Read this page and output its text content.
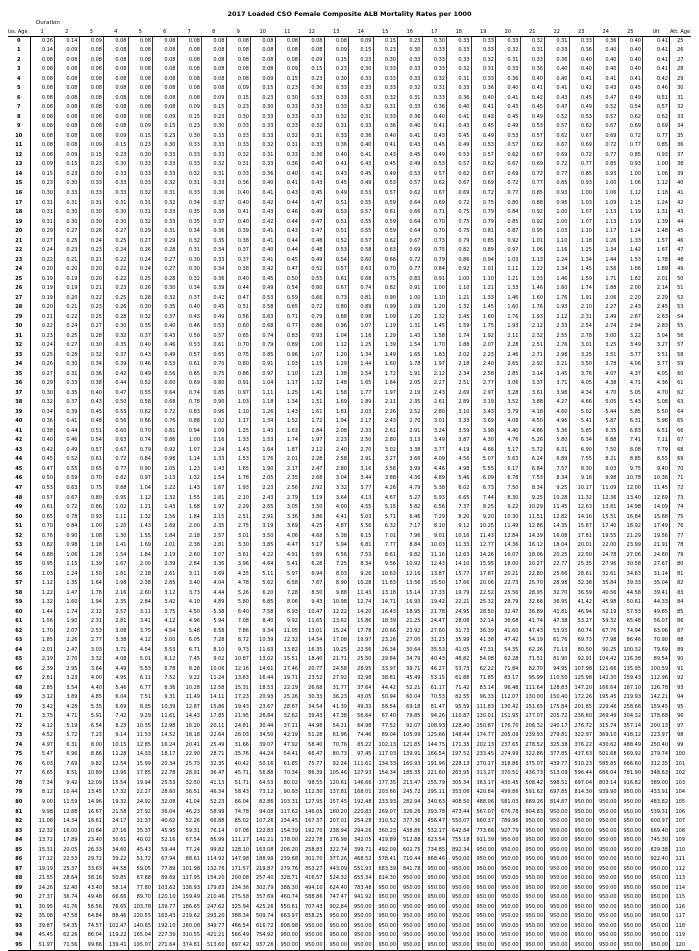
2017 Loaded CSO Female Composite ALB Mortality Rates per 1000
Duration
Iss. Age	1	2	3	4	5	6	7	8	9	10	11	12	13	14	15	16	17	18	19	20	21	22	23	24	25	Ult	Att. Age
0	0.26	0.14	0.09	0.08	0.08	0.08	0.08	0.08	0.08	0.08	0.08	0.08	0.08	0.09	0.15	0.23	0.30	0.33	0.33	0.33	0.32	0.31	0.33	0.36	0.40	0.41	25
1	0.14	0.09	0.08	0.08	0.08	0.08	0.08	0.08	0.08	0.08	0.08	0.08	0.09	0.15	0.23	0.30	0.33	0.33	0.33	0.32	0.31	0.33	0.36	0.40	0.40	0.41	26
2	0.08	0.08	0.08	0.08	0.08	0.08	0.08	0.08	0.08	0.08	0.08	0.09	0.15	0.23	0.30	0.33	0.33	0.33	0.32	0.31	0.33	0.36	0.40	0.40	0.40	0.41	27
3	0.08	0.08	0.08	0.08	0.08	0.08	0.08	0.08	0.08	0.08	0.09	0.15	0.23	0.30	0.33	0.33	0.33	0.32	0.31	0.33	0.36	0.40	0.40	0.40	0.40	0.41	28
4	0.08	0.08	0.08	0.08	0.08	0.08	0.08	0.08	0.08	0.09	0.15	0.23	0.30	0.33	0.33	0.33	0.32	0.31	0.33	0.36	0.40	0.40	0.41	0.41	0.41	0.42	29
5	0.08	0.08	0.08	0.08	0.08	0.08	0.08	0.08	0.09	0.15	0.23	0.30	0.33	0.33	0.33	0.32	0.31	0.33	0.36	0.40	0.41	0.41	0.42	0.43	0.45	0.46	30
6	0.08	0.08	0.08	0.08	0.08	0.08	0.08	0.09	0.15	0.23	0.30	0.33	0.33	0.33	0.32	0.31	0.33	0.36	0.40	0.41	0.42	0.43	0.45	0.47	0.49	0.51	31
7	0.08	0.08	0.08	0.08	0.08	0.08	0.09	0.15	0.23	0.30	0.33	0.33	0.33	0.32	0.31	0.33	0.36	0.40	0.41	0.43	0.45	0.47	0.49	0.52	0.54	0.57	32
8	0.08	0.08	0.08	0.08	0.08	0.09	0.15	0.23	0.30	0.33	0.33	0.33	0.32	0.31	0.33	0.36	0.40	0.41	0.43	0.45	0.49	0.52	0.53	0.57	0.62	0.62	33
9	0.08	0.08	0.08	0.08	0.09	0.15	0.23	0.30	0.33	0.33	0.33	0.32	0.31	0.33	0.36	0.40	0.41	0.43	0.45	0.49	0.53	0.57	0.62	0.67	0.69	0.69	34
10	0.08	0.08	0.08	0.09	0.15	0.23	0.30	0.33	0.33	0.33	0.32	0.31	0.33	0.36	0.40	0.41	0.43	0.45	0.49	0.53	0.57	0.62	0.67	0.69	0.72	0.77	35
11	0.08	0.08	0.09	0.15	0.23	0.30	0.33	0.33	0.33	0.32	0.31	0.33	0.36	0.40	0.41	0.43	0.45	0.49	0.53	0.57	0.62	0.67	0.69	0.72	0.77	0.85	36
12	0.08	0.09	0.15	0.23	0.30	0.33	0.33	0.33	0.32	0.31	0.33	0.36	0.40	0.41	0.43	0.45	0.49	0.53	0.57	0.62	0.67	0.69	0.72	0.77	0.85	0.93	37
13	0.09	0.15	0.23	0.30	0.33	0.33	0.33	0.32	0.31	0.33	0.36	0.40	0.41	0.43	0.45	0.49	0.53	0.57	0.62	0.67	0.69	0.72	0.77	0.85	0.93	1.00	38
14	0.15	0.23	0.30	0.33	0.33	0.33	0.32	0.31	0.33	0.36	0.40	0.41	0.43	0.45	0.49	0.53	0.57	0.62	0.67	0.69	0.72	0.77	0.85	0.93	1.00	1.06	39
15	0.23	0.30	0.33	0.33	0.33	0.32	0.31	0.33	0.36	0.40	0.41	0.43	0.45	0.49	0.53	0.57	0.62	0.67	0.69	0.72	0.77	0.85	0.93	1.00	1.06	1.12	40
16	0.30	0.33	0.33	0.33	0.32	0.31	0.33	0.36	0.40	0.41	0.43	0.45	0.49	0.53	0.57	0.62	0.67	0.69	0.72	0.77	0.85	0.93	1.00	1.06	1.12	1.18	41
17	0.31	0.31	0.31	0.31	0.31	0.32	0.34	0.37	0.40	0.42	0.44	0.47	0.51	0.55	0.59	0.64	0.69	0.72	0.75	0.80	0.88	0.96	1.03	1.09	1.15	1.24	42
18	0.31	0.30	0.30	0.30	0.31	0.33	0.35	0.38	0.41	0.43	0.46	0.49	0.53	0.57	0.61	0.66	0.71	0.75	0.79	0.84	0.92	1.00	1.07	1.13	1.19	1.31	43
19	0.31	0.30	0.30	0.30	0.32	0.33	0.35	0.37	0.40	0.42	0.44	0.47	0.51	0.55	0.59	0.64	0.70	0.75	0.79	0.85	0.92	1.00	1.07	1.13	1.19	1.39	44
20	0.29	0.27	0.26	0.27	0.29	0.31	0.34	0.36	0.39	0.41	0.43	0.47	0.51	0.55	0.59	0.64	0.70	0.75	0.81	0.87	0.95	1.03	1.10	1.17	1.24	1.48	45
21	0.27	0.25	0.24	0.25	0.27	0.29	0.32	0.35	0.38	0.41	0.44	0.48	0.52	0.57	0.62	0.67	0.73	0.79	0.85	0.92	1.01	1.10	1.18	1.26	1.33	1.57	46
22	0.24	0.23	0.23	0.24	0.26	0.28	0.31	0.34	0.37	0.40	0.44	0.48	0.53	0.58	0.63	0.69	0.75	0.82	0.89	0.97	1.06	1.16	1.25	1.34	1.42	1.67	47
23	0.22	0.21	0.21	0.22	0.24	0.27	0.30	0.33	0.37	0.41	0.45	0.49	0.54	0.60	0.66	0.72	0.79	0.86	0.94	1.03	1.13	1.24	1.34	1.44	1.53	1.78	48
24	0.20	0.20	0.20	0.22	0.24	0.27	0.30	0.34	0.38	0.42	0.47	0.52	0.57	0.63	0.70	0.77	0.84	0.92	1.01	1.11	1.22	1.34	1.45	1.56	1.66	1.89	49
25	0.19	0.19	0.20	0.22	0.25	0.28	0.32	0.36	0.40	0.45	0.50	0.55	0.61	0.68	0.75	0.83	0.91	1.00	1.10	1.21	1.33	1.46	1.59	1.71	1.82	2.01	50
26	0.19	0.19	0.21	0.23	0.26	0.30	0.34	0.39	0.44	0.49	0.54	0.60	0.67	0.74	0.82	0.91	1.00	1.10	1.21	1.33	1.46	1.60	1.74	1.88	2.00	2.14	51
27	0.19	0.20	0.22	0.25	0.28	0.32	0.37	0.42	0.47	0.53	0.59	0.66	0.73	0.81	0.90	1.00	1.10	1.21	1.33	1.46	1.60	1.76	1.91	2.06	2.20	2.29	52
28	0.20	0.21	0.23	0.26	0.30	0.35	0.40	0.45	0.51	0.58	0.65	0.72	0.80	0.89	0.99	1.09	1.20	1.32	1.45	1.60	1.76	1.93	2.10	2.27	2.43	2.45	53
29	0.21	0.22	0.25	0.28	0.32	0.37	0.43	0.49	0.56	0.63	0.71	0.79	0.88	0.98	1.09	1.20	1.32	1.45	1.60	1.76	1.93	2.12	2.31	2.49	2.67	2.63	54
30	0.22	0.24	0.27	0.30	0.35	0.40	0.46	0.53	0.60	0.68	0.77	0.86	0.96	1.07	1.19	1.31	1.45	1.59	1.75	1.93	2.12	2.33	2.54	2.74	2.94	2.83	55
31	0.23	0.25	0.28	0.32	0.37	0.43	0.50	0.57	0.65	0.74	0.83	0.93	1.04	1.16	1.29	1.43	1.58	1.74	1.92	2.11	2.32	2.55	2.78	3.00	3.22	3.04	56
32	0.24	0.27	0.30	0.35	0.40	0.46	0.53	0.61	0.70	0.79	0.89	1.00	1.12	1.25	1.39	1.54	1.70	1.88	2.07	2.28	2.51	2.76	3.01	3.25	3.49	3.27	57
33	0.25	0.28	0.32	0.37	0.43	0.49	0.57	0.65	0.75	0.85	0.96	1.07	1.20	1.34	1.49	1.65	1.83	2.02	2.23	2.46	2.71	2.98	3.25	3.51	3.77	3.51	58
34	0.26	0.30	0.34	0.39	0.46	0.53	0.61	0.70	0.80	0.91	1.03	1.15	1.29	1.44	1.60	1.78	1.97	2.18	2.40	2.65	2.92	3.21	3.50	3.78	4.06	3.77	59
35	0.27	0.31	0.36	0.42	0.49	0.56	0.65	0.75	0.86	0.97	1.10	1.23	1.38	1.54	1.72	1.91	2.12	2.34	2.58	2.85	3.14	3.45	3.76	4.07	4.37	4.05	60
36	0.29	0.33	0.38	0.44	0.52	0.60	0.69	0.80	0.91	1.04	1.17	1.32	1.48	1.65	1.84	2.05	2.27	2.51	2.77	3.06	3.37	3.71	4.05	4.38	4.71	4.36	61
37	0.30	0.35	0.40	0.47	0.55	0.64	0.74	0.85	0.97	1.11	1.25	1.41	1.58	1.77	1.97	2.19	2.43	2.69	2.97	3.28	3.61	3.98	4.34	4.70	5.05	4.70	62
38	0.32	0.37	0.43	0.50	0.58	0.68	0.78	0.90	1.03	1.18	1.34	1.51	1.69	1.89	2.11	2.35	2.61	2.89	3.19	3.52	3.88	4.27	4.66	5.05	5.43	5.08	63
39	0.34	0.39	0.45	0.53	0.62	0.72	0.83	0.96	1.10	1.26	1.43	1.61	1.81	2.03	2.26	2.52	2.80	3.10	3.43	3.79	4.18	4.60	5.02	5.44	5.85	5.50	64
40	0.36	0.41	0.48	0.56	0.66	0.76	0.88	1.02	1.17	1.34	1.52	1.72	1.94	2.17	2.43	2.70	3.01	3.33	3.69	4.08	4.50	4.96	5.41	5.87	6.31	5.98	65
41	0.38	0.44	0.51	0.60	0.70	0.81	0.94	1.09	1.25	1.43	1.63	1.84	2.08	2.33	2.61	2.91	3.24	3.59	3.98	4.40	4.86	5.36	5.85	6.35	6.83	6.51	66
42	0.40	0.46	0.54	0.63	0.74	0.86	1.00	1.16	1.33	1.53	1.74	1.97	2.23	2.50	2.80	3.13	3.49	3.87	4.30	4.76	5.26	5.80	6.34	6.88	7.41	7.11	67
43	0.42	0.49	0.57	0.67	0.79	0.92	1.07	1.24	1.43	1.64	1.87	2.12	2.40	2.70	3.02	3.38	3.77	4.19	4.66	5.17	5.72	6.31	6.90	7.50	8.08	7.79	68
44	0.45	0.52	0.61	0.72	0.84	0.98	1.14	1.33	1.53	1.76	2.01	2.28	2.58	2.91	3.27	3.66	4.09	4.56	5.07	5.63	6.24	6.89	7.55	8.21	8.85	8.55	69
45	0.47	0.55	0.65	0.77	0.90	1.05	1.23	1.43	1.65	1.90	2.17	2.47	2.80	3.16	3.56	3.99	4.46	4.98	5.55	6.17	6.84	7.57	8.30	9.03	9.75	9.40	70
46	0.50	0.59	0.70	0.82	0.97	1.13	1.32	1.54	1.78	2.05	2.35	2.68	3.04	3.44	3.88	4.36	4.89	5.46	6.09	6.78	7.53	8.34	9.16	9.98	10.78	10.36	71
47	0.53	0.63	0.75	0.88	1.04	1.22	1.43	1.67	1.93	2.23	2.56	2.92	3.32	3.77	4.26	4.79	5.38	6.02	6.73	7.50	8.34	9.25	10.17	11.09	12.00	11.45	72
48	0.57	0.67	0.80	0.95	1.12	1.32	1.55	1.81	2.10	2.43	2.79	3.19	3.64	4.13	4.67	5.27	5.93	6.65	7.44	8.30	9.25	10.28	11.32	12.36	13.40	12.69	73
49	0.61	0.72	0.86	1.02	1.21	1.43	1.68	1.97	2.29	2.65	3.05	3.50	4.00	4.55	5.15	5.82	6.56	7.37	8.25	9.22	10.29	11.45	12.63	13.81	14.98	14.09	74
50	0.65	0.78	0.93	1.11	1.32	1.56	1.84	2.15	2.51	2.91	3.36	3.86	4.41	5.03	5.71	6.46	7.29	8.20	9.20	10.30	11.51	12.82	14.16	15.51	16.84	15.68	75
51	0.70	0.84	1.00	1.20	1.43	1.69	2.00	2.35	2.75	3.19	3.69	4.25	4.87	5.56	6.32	7.17	8.10	9.12	10.25	11.49	12.86	14.35	15.87	17.40	18.92	17.49	76
52	0.76	0.90	1.08	1.30	1.55	1.84	2.18	2.57	3.01	3.50	4.06	4.68	5.38	6.15	7.01	7.96	9.01	10.16	11.43	12.84	14.39	16.08	17.81	19.55	21.29	19.56	77
53	0.82	0.98	1.18	1.41	1.69	2.01	2.38	2.81	3.30	3.85	4.47	5.17	5.94	6.81	7.77	8.84	10.03	11.33	12.77	14.36	16.12	18.04	20.01	22.00	23.99	21.91	78
54	0.88	1.06	1.28	1.54	1.84	2.19	2.60	3.07	3.61	4.22	4.91	5.69	6.56	7.53	8.61	9.82	11.16	12.63	14.26	16.07	18.06	20.25	22.50	24.78	27.06	24.60	79
55	0.95	1.15	1.39	1.67	2.00	2.39	2.84	3.36	3.96	4.64	5.41	6.28	7.25	8.34	9.56	10.92	12.43	14.10	15.95	18.00	20.27	22.77	25.35	27.96	30.58	27.67	80
56	1.03	1.24	1.50	1.81	2.18	2.61	3.11	3.69	4.35	5.11	5.97	6.94	8.03	9.26	10.63	12.16	13.87	15.77	17.87	20.21	22.80	25.66	28.61	31.61	34.63	31.14	81
57	1.12	1.35	1.64	1.98	2.38	2.85	3.40	4.04	4.78	5.62	6.58	7.67	8.90	10.28	11.83	13.56	15.50	17.66	20.06	22.73	25.70	28.98	32.38	35.84	39.33	35.04	82
58	1.22	1.47	1.78	2.16	2.60	3.12	3.73	4.44	5.26	6.20	7.28	8.50	9.88	11.43	13.18	15.14	17.33	19.79	22.52	25.56	28.95	32.70	36.59	40.56	44.58	39.41	83
59	1.32	1.60	1.94	2.35	2.84	3.42	4.10	4.89	5.80	6.85	8.06	9.43	10.98	12.74	14.71	16.93	19.42	22.21	25.32	28.79	32.66	36.95	41.42	45.98	50.61	44.33	84
60	1.44	1.74	2.12	2.57	3.11	3.75	4.50	5.38	6.40	7.58	8.93	10.47	12.22	14.20	16.43	18.95	21.78	24.95	28.50	32.47	36.89	41.81	46.94	52.19	57.53	49.85	85
61	1.56	1.90	2.31	2.81	3.41	4.12	4.96	5.94	7.08	8.40	9.92	11.65	13.62	15.86	18.39	21.25	24.47	28.08	32.14	36.68	41.74	47.38	53.27	59.32	65.48	56.07	86
62	1.70	2.07	2.53	3.08	3.75	4.54	5.48	6.58	7.86	9.34	11.05	13.01	15.24	17.78	20.66	23.92	27.60	31.73	36.39	41.60	47.43	53.93	60.74	67.76	74.94	63.06	87
63	1.85	2.26	2.77	3.38	4.12	5.00	6.05	7.28	8.72	10.39	12.32	14.54	17.08	19.97	23.26	27.00	31.23	35.99	41.38	47.42	54.19	61.76	69.73	77.98	86.46	70.90	88
64	2.01	2.47	3.03	3.71	4.54	5.53	6.71	8.10	9.73	11.63	13.82	16.35	19.25	22.56	26.34	30.64	35.53	41.05	47.31	54.35	62.26	71.13	80.50	90.25	100.32	79.69	89
65	2.19	2.70	3.32	4.08	5.01	6.12	7.45	9.02	10.87	13.02	15.51	18.40	21.71	25.50	29.84	34.79	40.43	46.82	54.08	62.28	71.51	81.90	92.91	104.42	116.38	89.54	90
66	2.39	2.95	3.64	4.49	5.53	6.78	8.28	10.06	12.16	14.61	17.46	20.77	24.58	28.95	33.97	39.71	46.27	53.73	62.22	71.84	82.70	94.95	107.98	121.66	135.95	100.59	91
67	2.61	3.23	4.00	4.95	6.11	7.52	9.22	11.24	13.63	16.44	19.71	23.52	27.92	32.98	38.81	45.49	53.15	61.88	71.85	83.17	95.99	110.50	125.98	142.30	159.43	112.96	92
68	2.85	3.54	4.40	5.46	6.77	8.36	10.28	12.58	15.31	18.53	22.29	26.68	31.77	37.64	44.42	52.21	61.17	71.42	83.14	96.48	111.64	128.83	147.20	166.64	187.10	126.78	93
69	3.12	3.89	4.85	6.04	7.51	9.31	11.49	14.11	17.23	20.93	25.26	30.33	36.23	43.05	50.94	60.04	70.53	82.55	96.33	112.07	130.00	150.40	172.26	195.45	219.93	142.21	94
70	3.42	4.28	5.35	6.69	8.35	10.39	12.87	15.86	19.43	23.67	28.67	34.54	41.39	49.33	58.54	69.18	81.47	95.59	111.83	130.42	151.65	175.84	201.85	229.46	258.66	159.45	95
71	3.75	4.71	5.91	7.42	9.29	11.61	14.43	17.85	21.95	26.84	32.62	39.43	47.38	56.64	67.40	79.85	94.26	110.87	130.01	151.95	177.07	205.72	236.60	269.49	304.32	178.68	96
72	4.12	5.19	6.54	8.23	10.35	12.98	16.20	20.11	24.81	30.44	37.11	44.98	54.21	64.98	77.52	92.07	108.93	128.40	150.87	176.70	206.32	240.17	276.72	315.74	357.14	200.13	97
73	4.52	5.72	7.23	9.14	11.53	14.52	18.18	22.64	28.03	34.50	42.19	51.28	61.96	74.46	89.04	105.99	125.66	148.44	174.77	205.09	239.93	279.81	322.97	369.10	418.12	223.97	98
74	4.97	6.31	8.00	10.15	12.85	16.24	20.41	25.49	31.66	39.07	47.92	58.40	70.76	85.22	102.13	121.85	144.75	171.35	202.13	237.65	278.52	325.38	376.22	430.62	488.49	250.40	99
75	5.47	6.96	8.86	11.28	14.33	18.17	22.90	28.71	35.76	44.24	54.41	66.47	80.73	97.45	117.03	139.91	166.54	197.52	233.45	274.99	322.86	377.85	437.63	501.68	569.92	279.74	100
76	6.03	7.69	9.82	12.54	15.99	20.34	25.73	32.35	40.42	50.16	61.85	75.77	92.24	111.61	134.33	160.93	191.96	228.13	270.17	318.86	375.07	439.77	510.23	585.85	666.60	312.35	101
77	6.65	8.51	10.89	13.96	17.85	22.78	28.91	36.47	45.71	56.88	70.34	86.39	105.46	127.93	154.34	185.35	221.60	263.95	313.27	370.51	436.73	513.09	596.44	686.04	781.90	348.63	102
78	7.34	9.42	12.09	15.54	19.94	25.53	32.50	41.13	51.71	64.53	80.02	98.55	120.61	146.66	177.35	213.47	255.79	305.34	363.17	430.45	508.42	598.51	697.04	803.14	916.82	389.00	103
79	8.12	10.44	13.45	17.32	22.27	28.60	36.51	46.34	58.43	73.12	90.93	112.30	137.81	168.01	203.66	245.72	295.11	353.06	420.84	499.86	591.62	697.85	814.30	939.90	950.00	433.91	104
80	9.00	11.59	14.96	19.32	24.92	32.08	41.04	52.23	66.04	82.86	103.31	127.95	157.45	192.48	233.93	282.94	340.63	408.50	488.06	581.03	689.26	814.87	950.00	950.00	950.00	483.82	105
81	9.98	12.88	16.67	21.58	27.92	36.04	46.23	58.99	74.78	94.08	117.62	146.05	180.20	220.83	269.07	326.26	393.78	473.44	567.07	676.78	804.83	950.00	950.00	950.00	950.00	539.31	106
82	11.08	14.34	18.61	24.17	31.37	40.62	52.26	66.88	85.02	107.26	134.45	167.37	207.01	254.28	310.52	377.36	456.47	550.07	660.37	789.96	950.00	950.00	950.00	950.00	950.00	600.97	107
83	12.32	16.00	20.84	27.16	35.37	45.95	59.31	76.14	97.08	122.83	154.39	192.70	238.94	294.26	360.23	438.86	532.17	642.84	773.66	927.79	950.00	950.00	950.00	950.00	950.00	669.40	108
84	13.72	17.89	23.40	30.61	40.02	52.16	67.54	86.99	111.27	141.21	178.00	222.78	276.98	342.05	419.89	512.88	623.54	755.18	911.39	950.00	950.00	950.00	950.00	950.00	950.00	745.30	109
85	15.31	20.05	26.33	34.60	45.43	59.44	77.24	99.82	128.10	163.08	206.20	258.83	322.74	399.71	492.09	602.75	734.85	892.34	950.00	950.00	950.00	950.00	950.00	950.00	950.00	829.38	110
86	17.12	22.53	29.72	39.22	51.72	67.94	88.61	114.92	147.98	188.99	239.68	301.70	377.26	468.52	578.41	710.44	868.46	950.00	950.00	950.00	950.00	950.00	950.00	950.00	950.00	922.40	111
87	19.19	25.37	33.63	44.58	59.05	77.89	101.98	132.76	171.57	219.87	279.76	353.27	443.09	551.93	683.39	841.78	950.00	950.00	950.00	950.00	950.00	950.00	950.00	950.00	950.00	950.00	112
88	21.55	28.64	38.16	50.85	67.68	89.69	117.95	154.20	200.08	257.40	328.71	416.57	524.32	655.34	814.30	950.00	950.00	950.00	950.00	950.00	950.00	950.00	950.00	950.00	950.00	950.00	113
89	24.26	32.40	43.40	58.14	77.80	103.62	136.93	179.83	234.36	302.79	388.30	494.10	624.40	783.48	950.00	950.00	950.00	950.00	950.00	950.00	950.00	950.00	950.00	950.00	950.00	950.00	114
90	27.37	36.74	49.48	66.66	89.70	120.10	159.49	210.46	275.58	357.69	460.74	588.86	747.47	941.92	950.00	950.00	950.00	950.00	950.00	950.00	950.00	950.00	950.00	950.00	950.00	950.00	115
91	30.95	41.76	56.56	76.65	103.78	139.77	186.65	247.62	325.94	425.26	550.61	707.43	902.84	950.00	950.00	950.00	950.00	950.00	950.00	950.00	950.00	950.00	950.00	950.00	950.00	950.00	116
92	35.08	47.58	64.84	88.46	120.55	163.43	219.62	293.20	388.34	509.74	663.97	858.25	950.00	950.00	950.00	950.00	950.00	950.00	950.00	950.00	950.00	950.00	950.00	950.00	950.00	950.00	117
93	39.87	54.35	74.57	102.47	140.65	192.10	260.08	349.77	466.54	616.72	808.98	950.00	950.00	950.00	950.00	950.00	950.00	950.00	950.00	950.00	950.00	950.00	950.00	950.00	950.00	950.00	118
94	45.45	62.26	86.04	119.22	165.04	227.39	310.55	421.21	566.49	754.92	950.00	950.00	950.00	950.00	950.00	950.00	950.00	950.00	950.00	950.00	950.00	950.00	950.00	950.00	950.00	950.00	119
95	51.97	71.56	99.66	139.41	195.07	271.64	374.81	513.60	697.42	937.26	950.00	950.00	950.00	950.00	950.00	950.00	950.00	950.00	950.00	950.00	950.00	950.00	950.00	950.00	950.00	950.00	120
